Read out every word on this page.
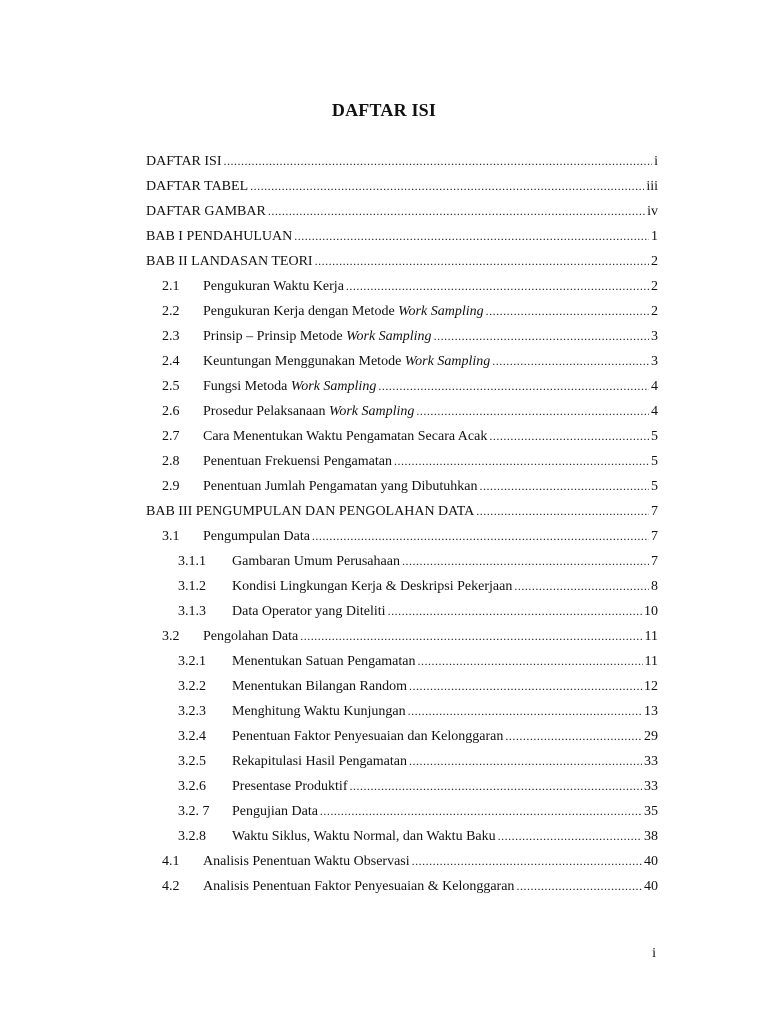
DAFTAR ISI
DAFTAR ISI .....	i
DAFTAR TABEL .....	iii
DAFTAR GAMBAR .....	iv
BAB I PENDAHULUAN .....	1
BAB II LANDASAN TEORI .....	2
2.1	Pengukuran Waktu Kerja .....	2
2.2	Pengukuran Kerja dengan Metode Work Sampling .....	2
2.3	Prinsip – Prinsip Metode Work Sampling .....	3
2.4	Keuntungan Menggunakan Metode Work Sampling .....	3
2.5	Fungsi Metoda Work Sampling .....	4
2.6	Prosedur Pelaksanaan Work Sampling .....	4
2.7	Cara Menentukan Waktu Pengamatan Secara Acak .....	5
2.8	Penentuan Frekuensi Pengamatan .....	5
2.9	Penentuan Jumlah Pengamatan yang Dibutuhkan .....	5
BAB III PENGUMPULAN DAN PENGOLAHAN DATA .....	7
3.1	Pengumpulan Data .....	7
3.1.1	Gambaran Umum Perusahaan .....	7
3.1.2	Kondisi Lingkungan Kerja & Deskripsi Pekerjaan .....	8
3.1.3	Data Operator yang Diteliti .....	10
3.2	Pengolahan Data .....	11
3.2.1	Menentukan Satuan Pengamatan .....	11
3.2.2	Menentukan Bilangan Random .....	12
3.2.3	Menghitung Waktu Kunjungan .....	13
3.2.4	Penentuan Faktor Penyesuaian dan Kelonggaran .....	29
3.2.5	Rekapitulasi Hasil Pengamatan .....	33
3.2.6	Presentase Produktif .....	33
3.2. 7	Pengujian Data .....	35
3.2.8	Waktu Siklus, Waktu Normal, dan Waktu Baku .....	38
4.1	Analisis Penentuan Waktu Observasi .....	40
4.2	Analisis Penentuan Faktor Penyesuaian & Kelonggaran .....	40
i
